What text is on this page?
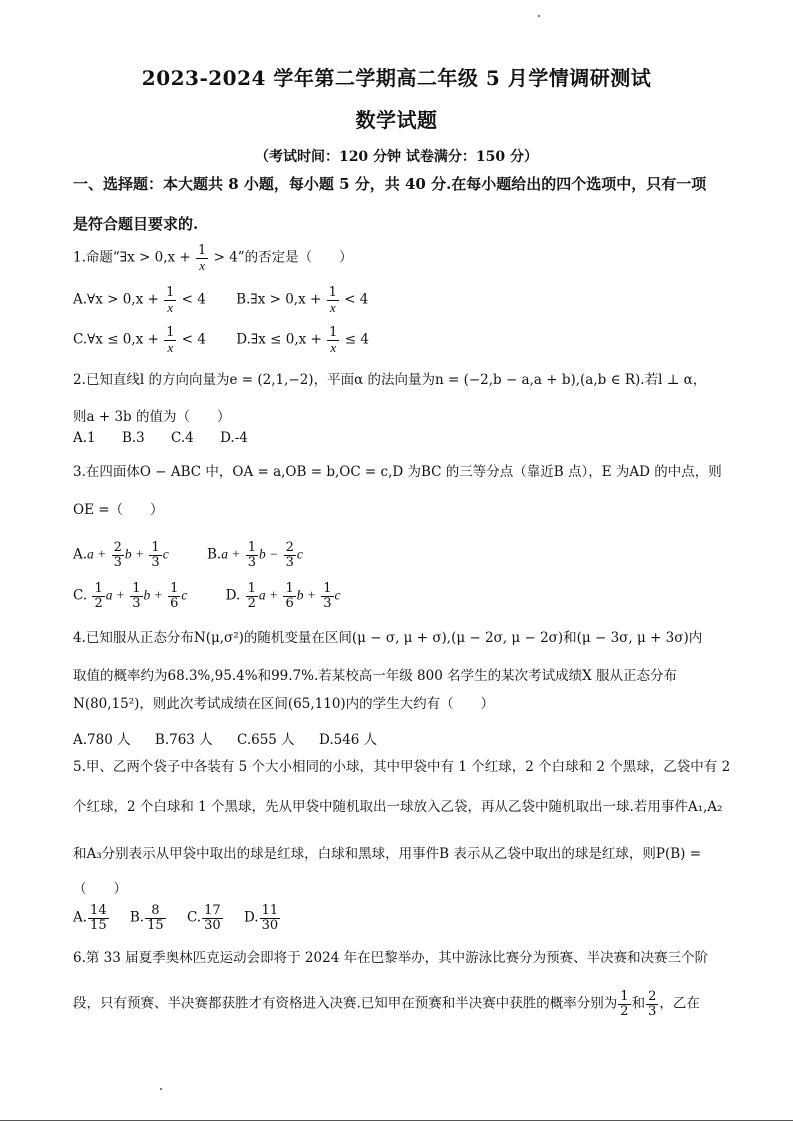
2023-2024 学年第二学期高二年级 5 月学情调研测试
数学试题
（考试时间：120 分钟 试卷满分：150 分）
一、选择题：本大题共 8 小题，每小题 5 分，共 40 分.在每小题给出的四个选项中，只有一项
是符合题目要求的.
1.命题“∃x > $0,x + \frac{1}{x} > 4$”的否定是（　　）
A.∀x > $0,x + \frac{1}{x} < 4$ B.∃x > $0,x + \frac{1}{x} < 4$
C.∀x ≤ $0,x + \frac{1}{x} < 4$ D.∃x ≤ $0,x + \frac{1}{x} \le 4$
2.已知直线l 的方向向量为e = (2,1,−2)，平面α 的法向量为n = (−2,b − a,a + b),(a,b ∈ R).若l ⊥ α，
则a + 3b 的值为（　　）
A.1 B.3 C.4 D.-4
3.在四面体O − ABC 中，OA = a,OB = b,OC = c,D 为BC 的三等分点（靠近B 点），E 为AD 的中点，则
OE =（　　）
$A.a + \frac{2}{3}$ $b + \frac{1}{3}$ c	$B.a + \frac{1}{3}$ $b - \frac{2}{3}$ c
C. $\frac{1}{2}$ $a + \frac{1}{3}$ $b + \frac{1}{6}$ c	D. $\frac{1}{2}$ $a + \frac{1}{6}$ $b + \frac{1}{3}$ c
4.已知服从正态分布N(μ,σ²)的随机变量在区间(μ − σ, μ + σ),(μ − 2σ, μ − 2σ)和(μ − 3σ, μ + 3σ)内
取值的概率约为68.3%,95.4%和99.7%.若某校高一年级 800 名学生的某次考试成绩X 服从正态分布
N(80,15²)，则此次考试成绩在区间(65,110)内的学生大约有（　　）
A.780 人 B.763 人 C.655 人 D.546 人
5.甲、乙两个袋子中各装有 5 个大小相同的小球，其中甲袋中有 1 个红球，2 个白球和 2 个黑球，乙袋中有 2
个红球，2 个白球和 1 个黑球，先从甲袋中随机取出一球放入乙袋，再从乙袋中随机取出一球.若用事件A₁,A₂
和A₃分别表示从甲袋中取出的球是红球，白球和黑球，用事件B 表示从乙袋中取出的球是红球，则P(B) =
（　　）
A. $\frac{14}{15} B$. $\frac{8}{15} C$. $\frac{17}{30} D$. $\frac{11}{30}$
6.第 33 届夏季奥林匹克运动会即将于 2024 年在巴黎举办，其中游泳比赛分为预赛、半决赛和决赛三个阶
段，只有预赛、半决赛都获胜才有资格进入决赛.已知甲在预赛和半决赛中获胜的概率分别为 $\frac{1}{2}$ 和 $\frac{2}{3}$ ，乙在
